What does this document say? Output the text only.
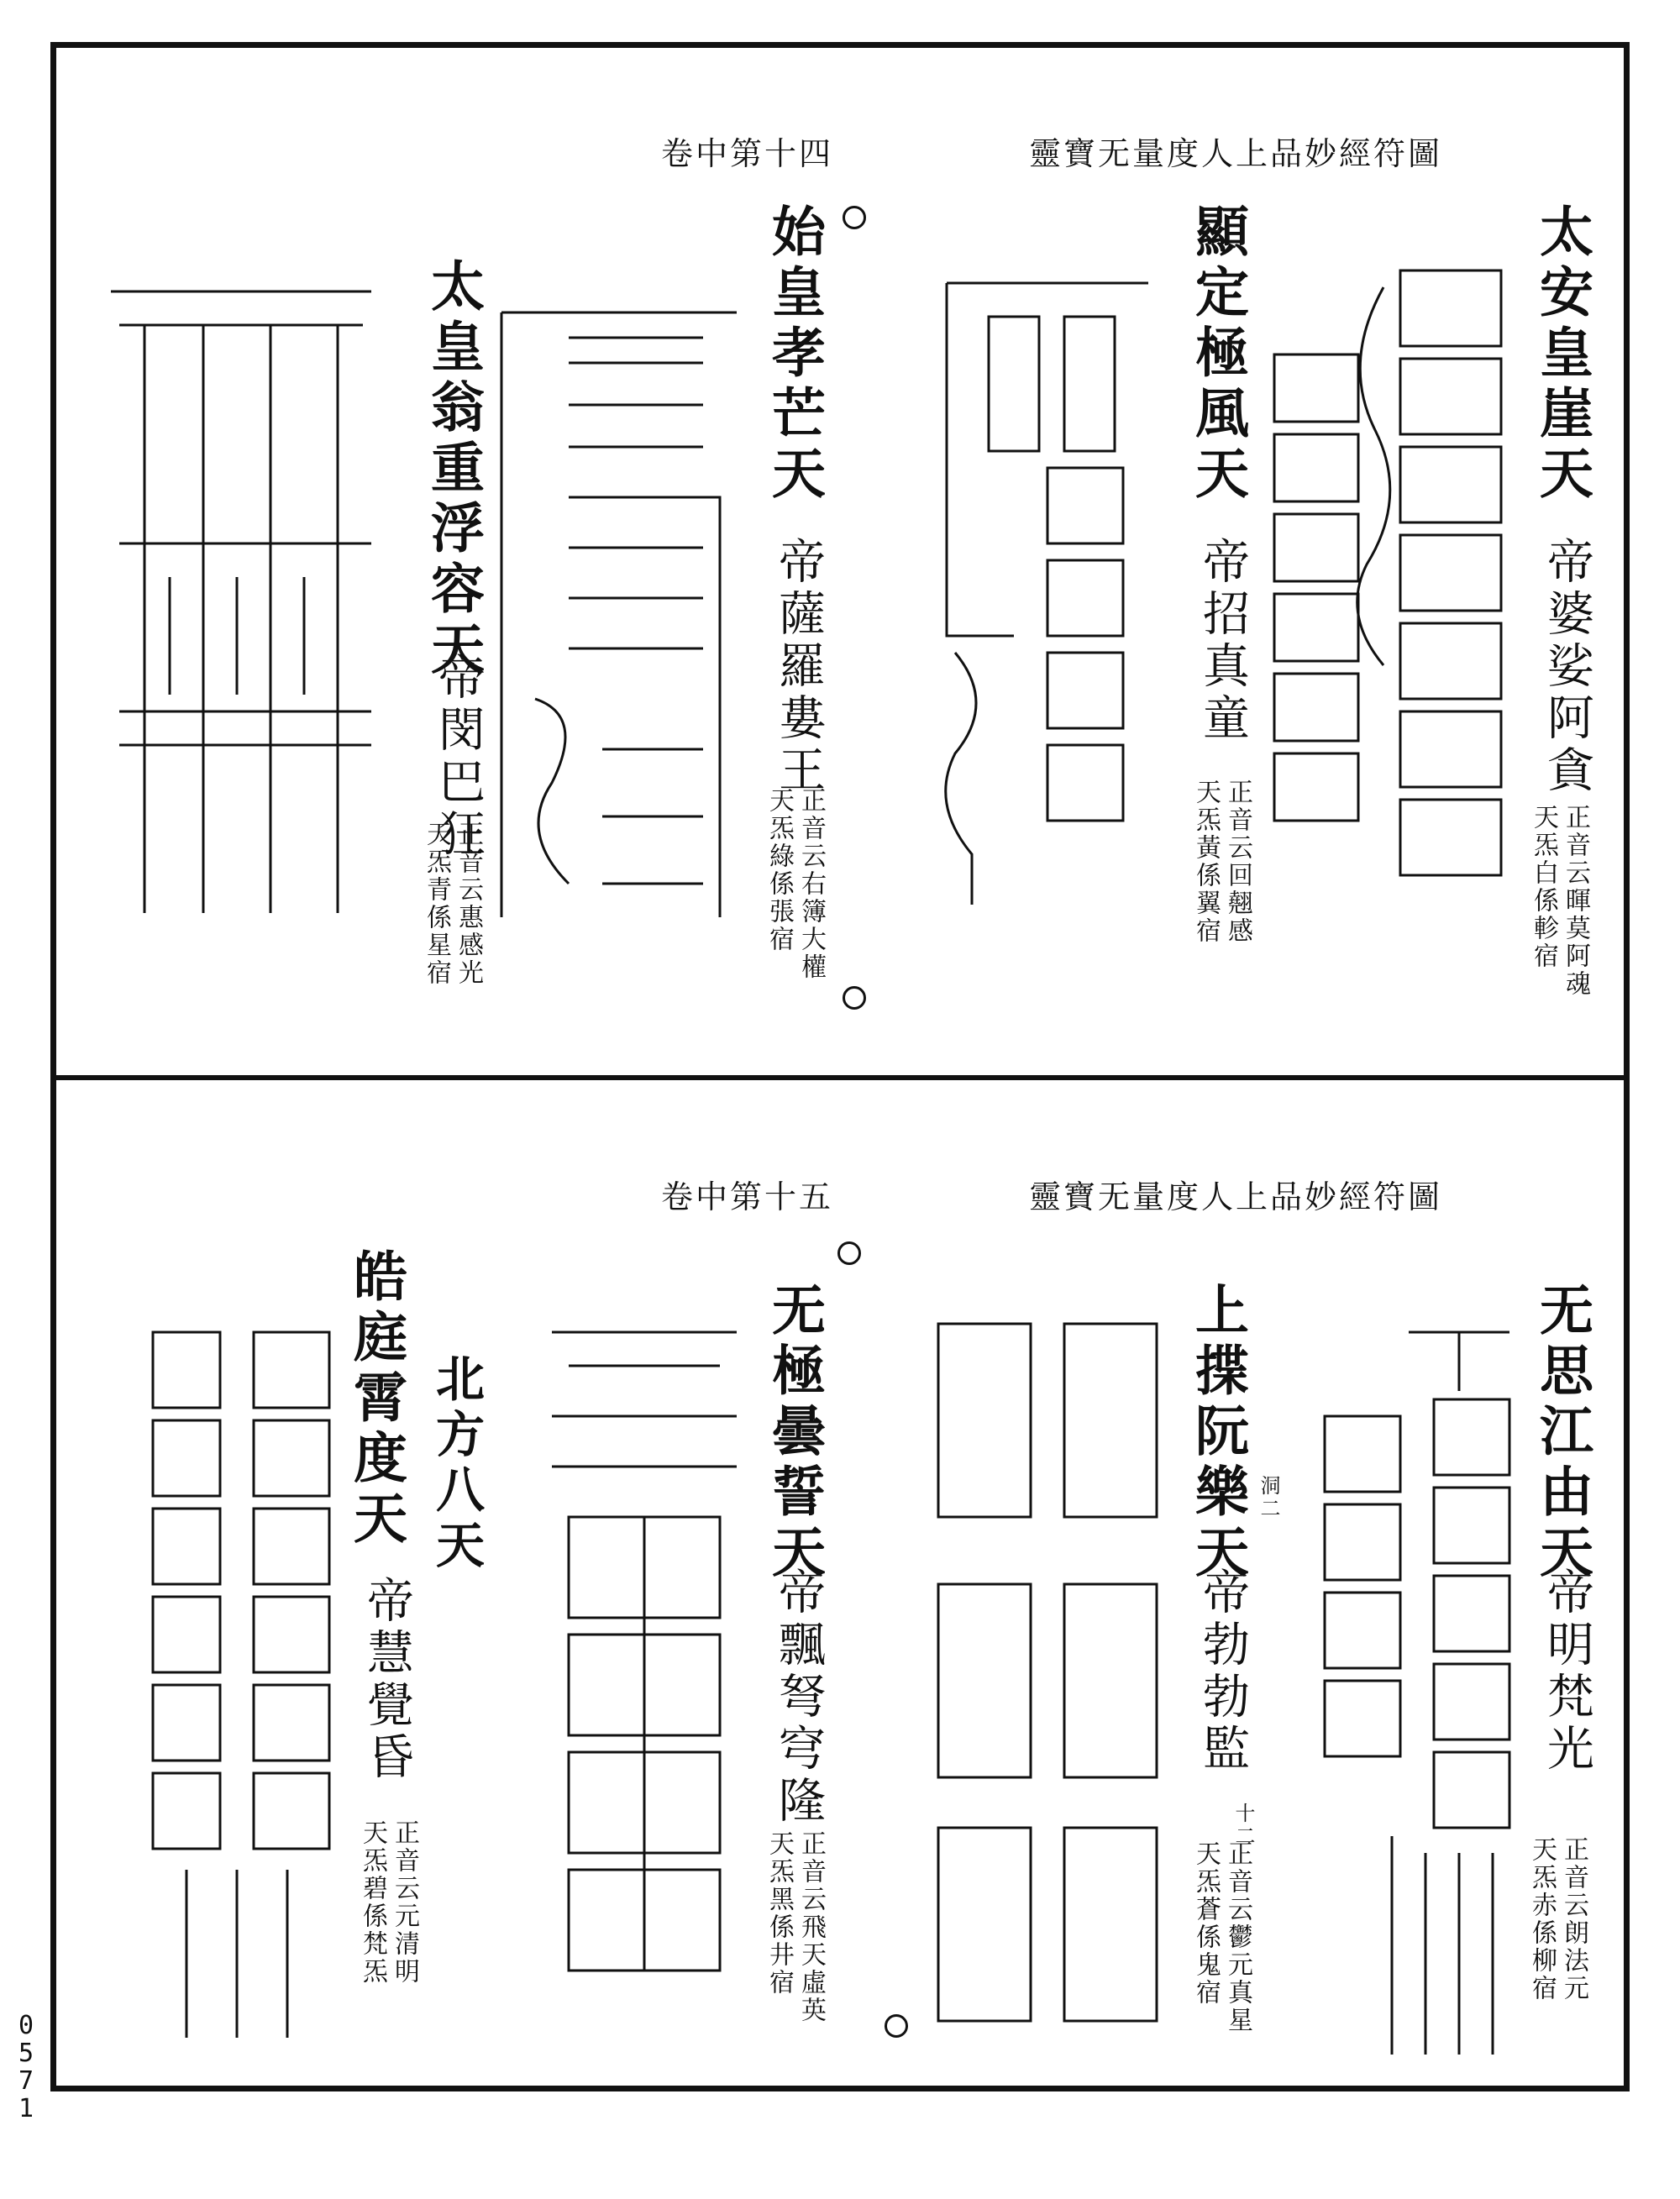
0
5
7
1
卷中第十四	靈寶无量度人上品妙經符圖
太安皇崖天
帝婆娑阿貪
正音云暉莫阿魂
天炁白係軫宿
顯定極風天
帝招真童
正音云回翹感
天炁黃係翼宿
始皇孝芒天
帝薩羅婁王
正音云右簿大權
天炁綠係張宿
太皇翁重浮容天
帝閔巴狂
正音云惠感光
天炁青係星宿
卷中第十五	靈寶无量度人上品妙經符圖
无思江由天
帝明梵光
正音云朗法元
天炁赤係柳宿
上揲阮樂天 洞二
帝勃勃監
十二
正音云鬱元真星
天炁蒼係鬼宿
无極曇誓天
帝飄弩穹隆
正音云飛天虛英
天炁黑係井宿
皓庭霄度天
帝慧覺昏
正音云元清明
天炁碧係梵炁
北方八天
